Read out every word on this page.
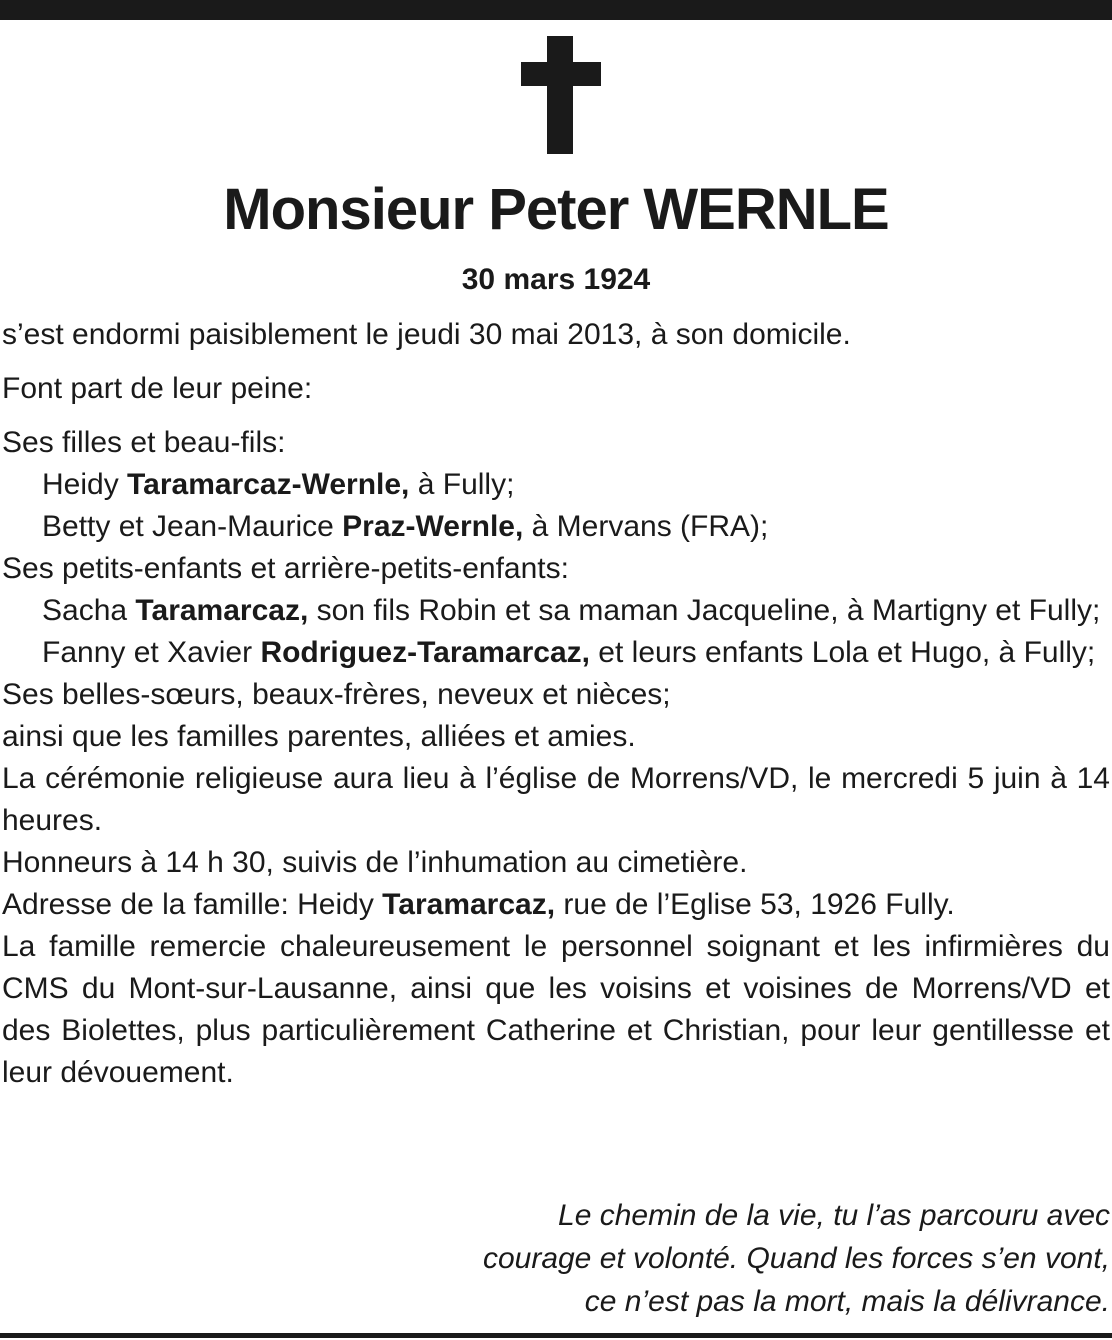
Monsieur Peter WERNLE
30 mars 1924

s’est endormi paisiblement le jeudi 30 mai 2013, à son domicile.

Font part de leur peine:

Ses filles et beau-fils:

Heidy Taramarcaz-Wernle, à Fully;

Betty et Jean-Maurice Praz-Wernle, à Mervans (FRA);

Ses petits-enfants et arrière-petits-enfants:

Sacha Taramarcaz, son fils Robin et sa maman Jacqueline, à Martigny et Fully;

Fanny et Xavier Rodriguez-Taramarcaz, et leurs enfants Lola et Hugo, à Fully;

Ses belles-sœurs, beaux-frères, neveux et nièces;

ainsi que les familles parentes, alliées et amies.

La cérémonie religieuse aura lieu à l’église de Morrens/VD, le mercredi 5 juin à 14 heures.

Honneurs à 14 h 30, suivis de l’inhumation au cimetière.

Adresse de la famille: Heidy Taramarcaz, rue de l’Eglise 53, 1926 Fully.

La famille remercie chaleureusement le personnel soignant et les infirmières du CMS du Mont-sur-Lausanne, ainsi que les voisins et voisines de Morrens/VD et des Biolettes, plus particulièrement Catherine et Christian, pour leur gentillesse et leur dévouement.

Le chemin de la vie, tu l’as parcouru avec
courage et volonté. Quand les forces s’en vont,
ce n’est pas la mort, mais la délivrance.
